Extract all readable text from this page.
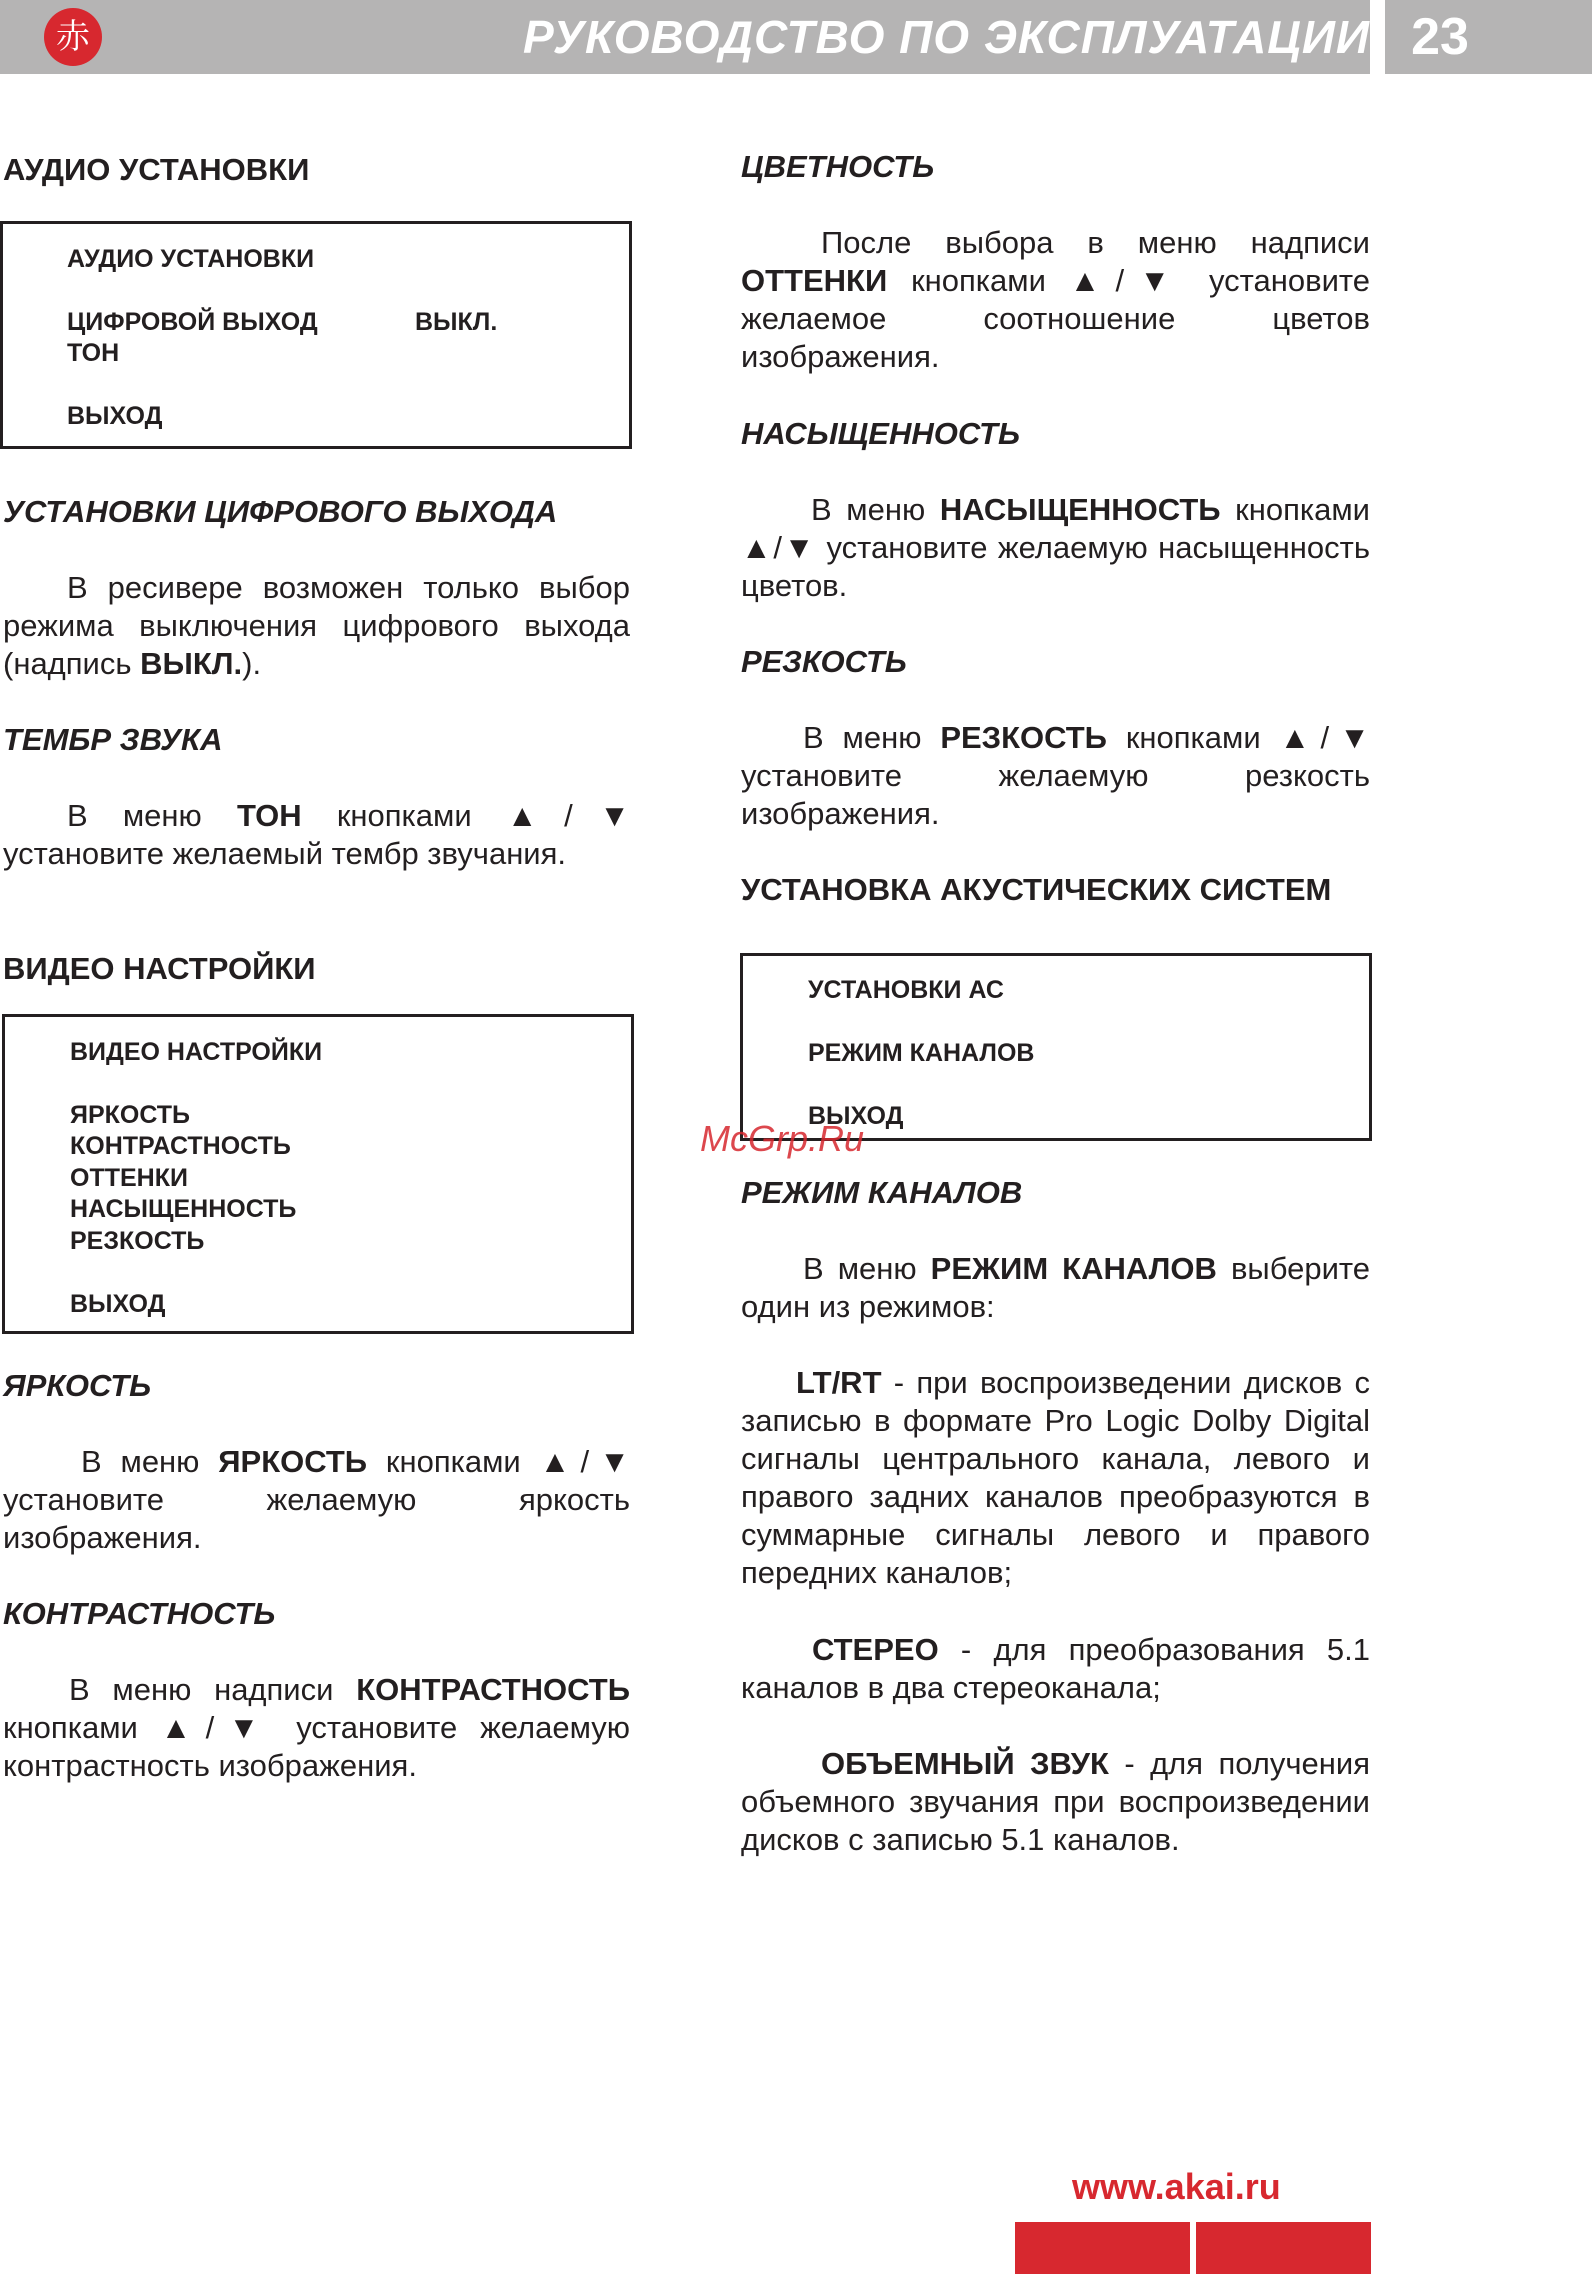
赤	РУКОВОДСТВО ПО ЭКСПЛУАТАЦИИ 23
АУДИО УСТАНОВКИ
АУДИО УСТАНОВКИ
ЦИФРОВОЙ ВЫХОД	ВЫКЛ.
ТОН
ВЫХОД
УСТАНОВКИ ЦИФРОВОГО ВЫХОДА

В ресивере возможен только выбор режима выключения цифрового выхода (надпись ВЫКЛ.).

ТЕМБР ЗВУКА

В меню ТОН кнопками ▲/▼ установите желаемый тембр звучания.

ВИДЕО НАСТРОЙКИ
ВИДЕО НАСТРОЙКИ
ЯРКОСТЬ
КОНТРАСТНОСТЬ
ОТТЕНКИ
НАСЫЩЕННОСТЬ
РЕЗКОСТЬ
ВЫХОД
ЯРКОСТЬ

В меню ЯРКОСТЬ кнопками ▲/▼ установите желаемую яркость изображения.

КОНТРАСТНОСТЬ

В меню надписи КОНТРАСТНОСТЬ кнопками ▲/▼ установите желаемую контрастность изображения.

ЦВЕТНОСТЬ

После выбора в меню надписи ОТТЕНКИ кнопками ▲/▼ установите желаемое соотношение цветов изображения.

НАСЫЩЕННОСТЬ

В меню НАСЫЩЕННОСТЬ кнопками ▲/▼ установите желаемую насыщенность цветов.

РЕЗКОСТЬ

В меню РЕЗКОСТЬ кнопками ▲/▼ установите желаемую резкость изображения.

УСТАНОВКА АКУСТИЧЕСКИХ СИСТЕМ
УСТАНОВКИ АС
РЕЖИМ КАНАЛОВ
ВЫХОД
McGrp.Ru
РЕЖИМ КАНАЛОВ

В меню РЕЖИМ КАНАЛОВ выберите один из режимов:

LT/RT - при воспроизведении дисков с записью в формате Pro Logic Dolby Digital сигналы центрального канала, левого и правого задних каналов преобразуются в суммарные сигналы левого и правого передних каналов;

СТЕРЕО - для преобразования 5.1 каналов в два стереоканала;

ОБЪЕМНЫЙ ЗВУК - для получения объемного звучания при воспроизведении дисков с записью 5.1 каналов.

www.akai.ru
